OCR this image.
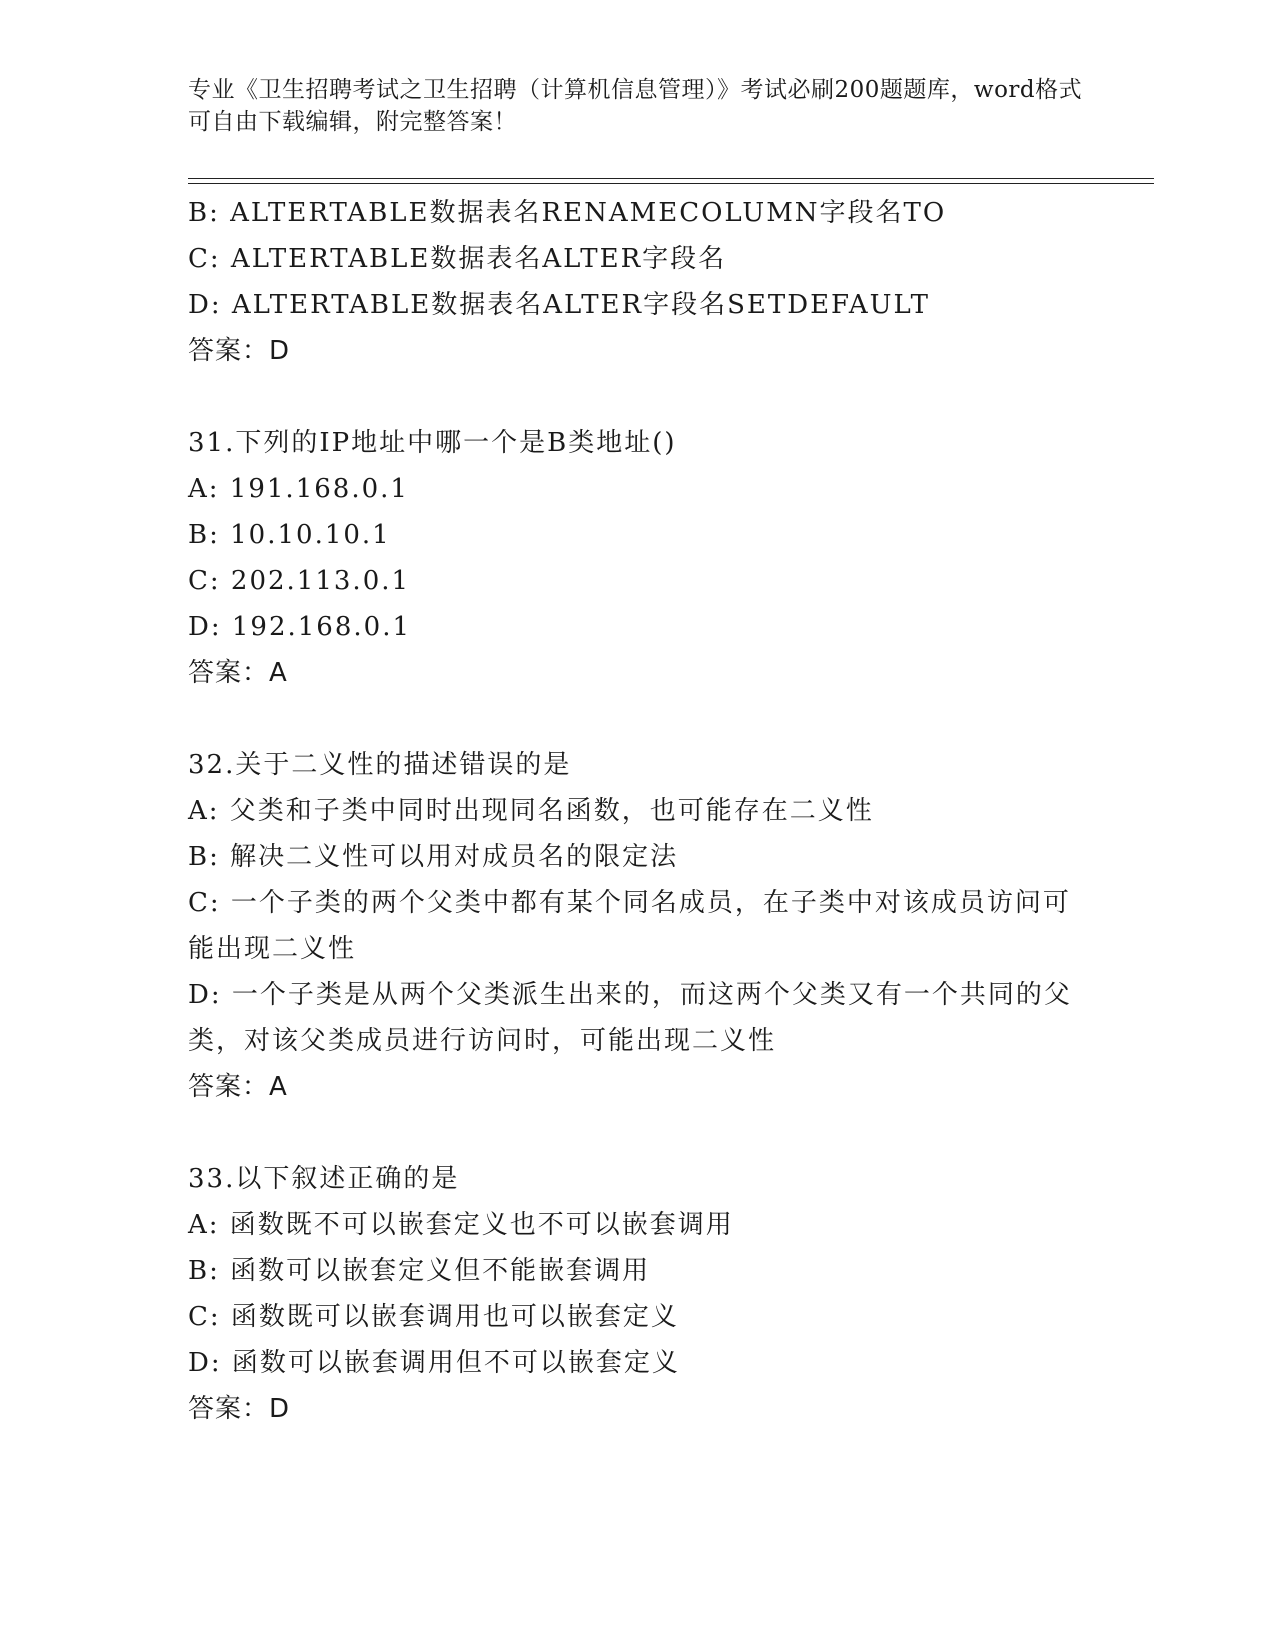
专业《卫生招聘考试之卫生招聘（计算机信息管理）》考试必刷200题题库，word格式可自由下载编辑，附完整答案！
B: ALTERTABLE数据表名RENAMECOLUMN字段名TO
C: ALTERTABLE数据表名ALTER字段名
D: ALTERTABLE数据表名ALTER字段名SETDEFAULT
答案：D
31.下列的IP地址中哪一个是B类地址()
A: 191.168.0.1
B: 10.10.10.1
C: 202.113.0.1
D: 192.168.0.1
答案：A
32.关于二义性的描述错误的是
A: 父类和子类中同时出现同名函数，也可能存在二义性
B: 解决二义性可以用对成员名的限定法
C: 一个子类的两个父类中都有某个同名成员，在子类中对该成员访问可能出现二义性
D: 一个子类是从两个父类派生出来的，而这两个父类又有一个共同的父类，对该父类成员进行访问时，可能出现二义性
答案：A
33.以下叙述正确的是
A: 函数既不可以嵌套定义也不可以嵌套调用
B: 函数可以嵌套定义但不能嵌套调用
C: 函数既可以嵌套调用也可以嵌套定义
D: 函数可以嵌套调用但不可以嵌套定义
答案：D
